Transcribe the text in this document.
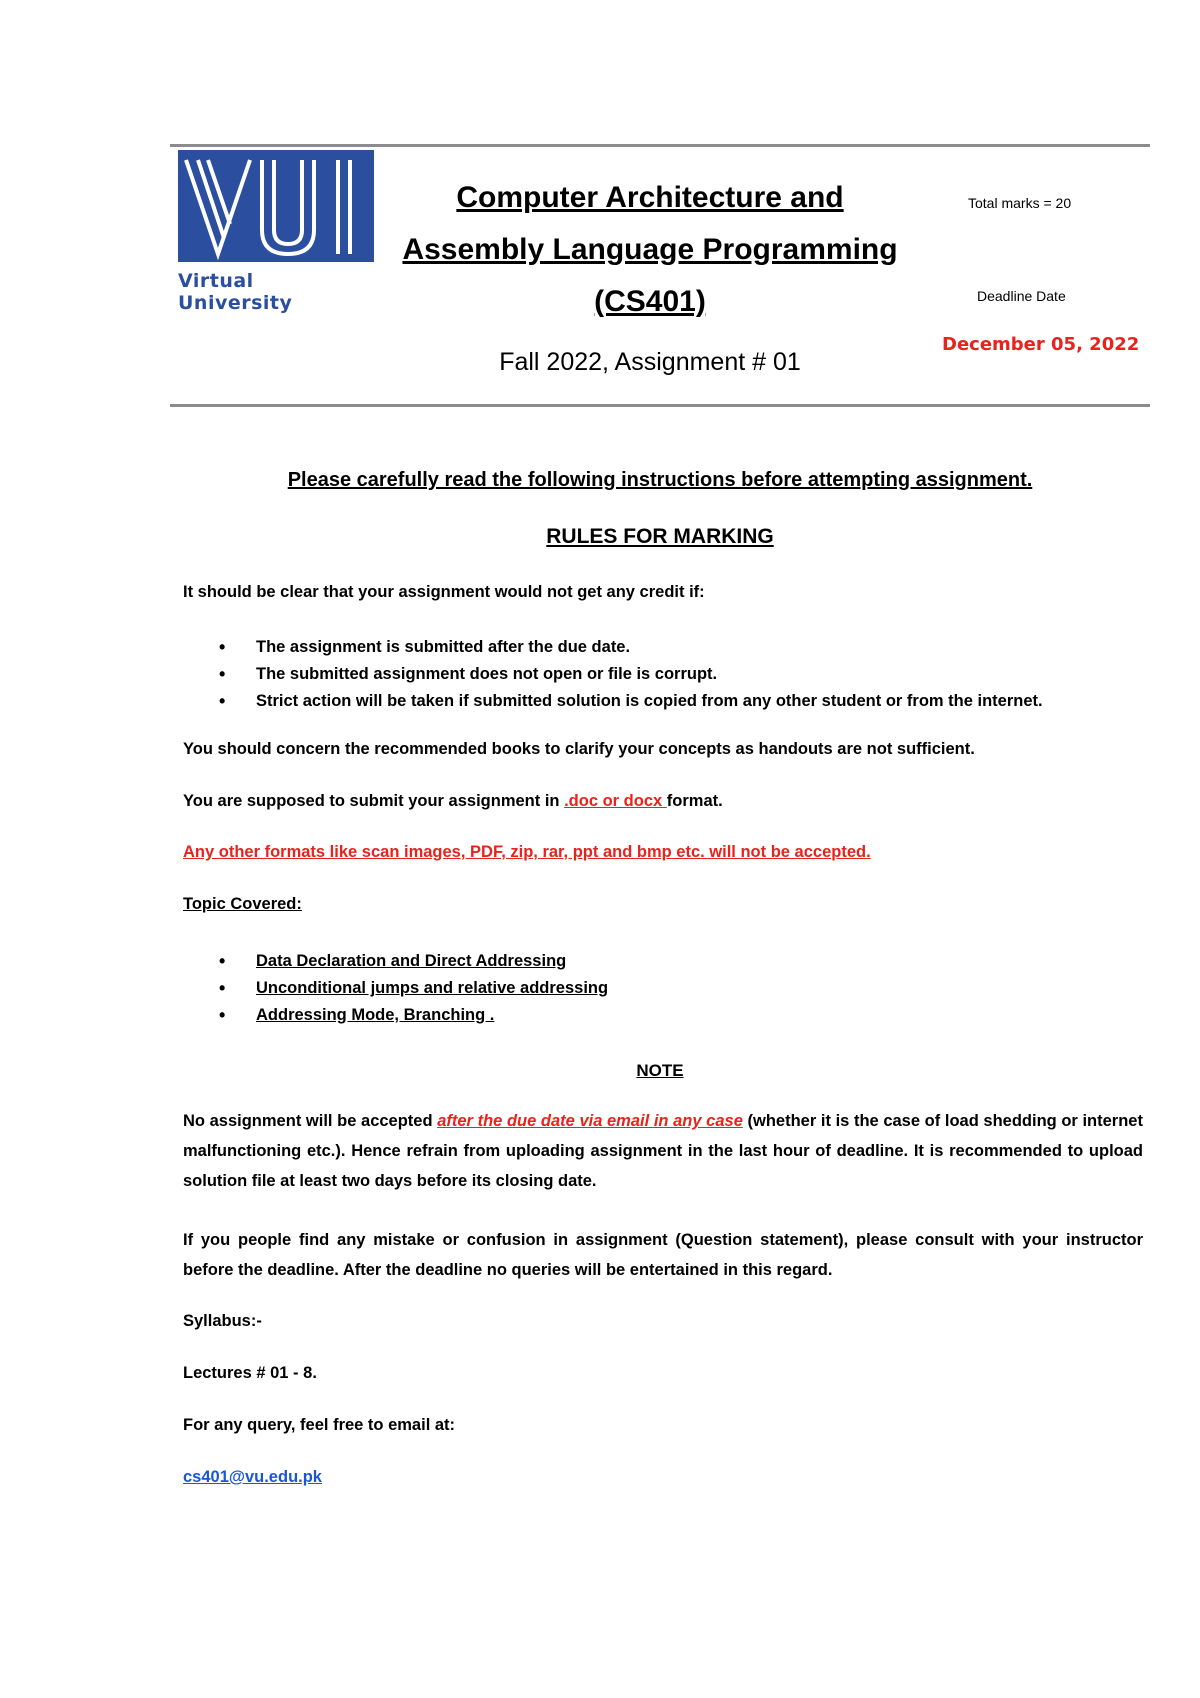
Virtual University

Computer Architecture and

Assembly Language Programming

(CS401)

Fall 2022, Assignment # 01
Total marks = 20
Deadline Date
December 05, 2022
Please carefully read the following instructions before attempting assignment.
RULES FOR MARKING
It should be clear that your assignment would not get any credit if:
• The assignment is submitted after the due date.
• The submitted assignment does not open or file is corrupt.
• Strict action will be taken if submitted solution is copied from any other student or from the internet.
You should concern the recommended books to clarify your concepts as handouts are not sufficient.
You are supposed to submit your assignment in .doc or docx format.
Any other formats like scan images, PDF, zip, rar, ppt and bmp etc. will not be accepted.
Topic Covered:
• Data Declaration and Direct Addressing
• Unconditional jumps and relative addressing
• Addressing Mode, Branching .
NOTE
No assignment will be accepted after the due date via email in any case (whether it is the case of load shedding or internet malfunctioning etc.). Hence refrain from uploading assignment in the last hour of deadline. It is recommended to upload solution file at least two days before its closing date.
If you people find any mistake or confusion in assignment (Question statement), please consult with your instructor before the deadline. After the deadline no queries will be entertained in this regard.
Syllabus:-
Lectures # 01 - 8.
For any query, feel free to email at:
cs401@vu.edu.pk
